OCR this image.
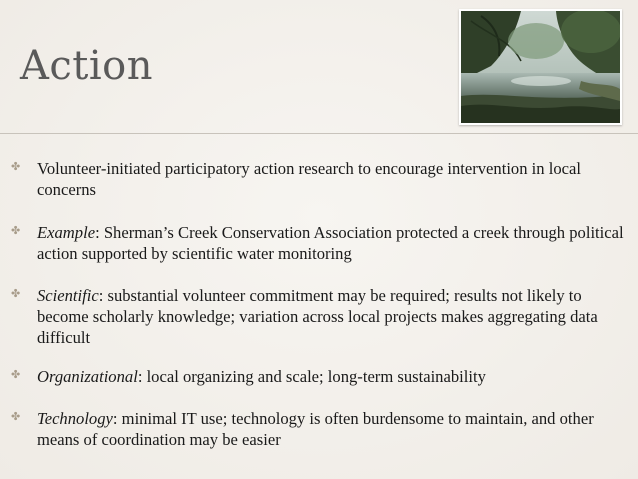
Action
✤ Volunteer-initiated participatory action research to encourage intervention in local concerns
✤ Example: Sherman’s Creek Conservation Association protected a creek through political action supported by scientific water monitoring
✤ Scientific: substantial volunteer commitment may be required; results not likely to become scholarly knowledge; variation across local projects makes aggregating data difficult
✤ Organizational: local organizing and scale; long-term sustainability
✤ Technology: minimal IT use; technology is often burdensome to maintain, and other means of coordination may be easier
